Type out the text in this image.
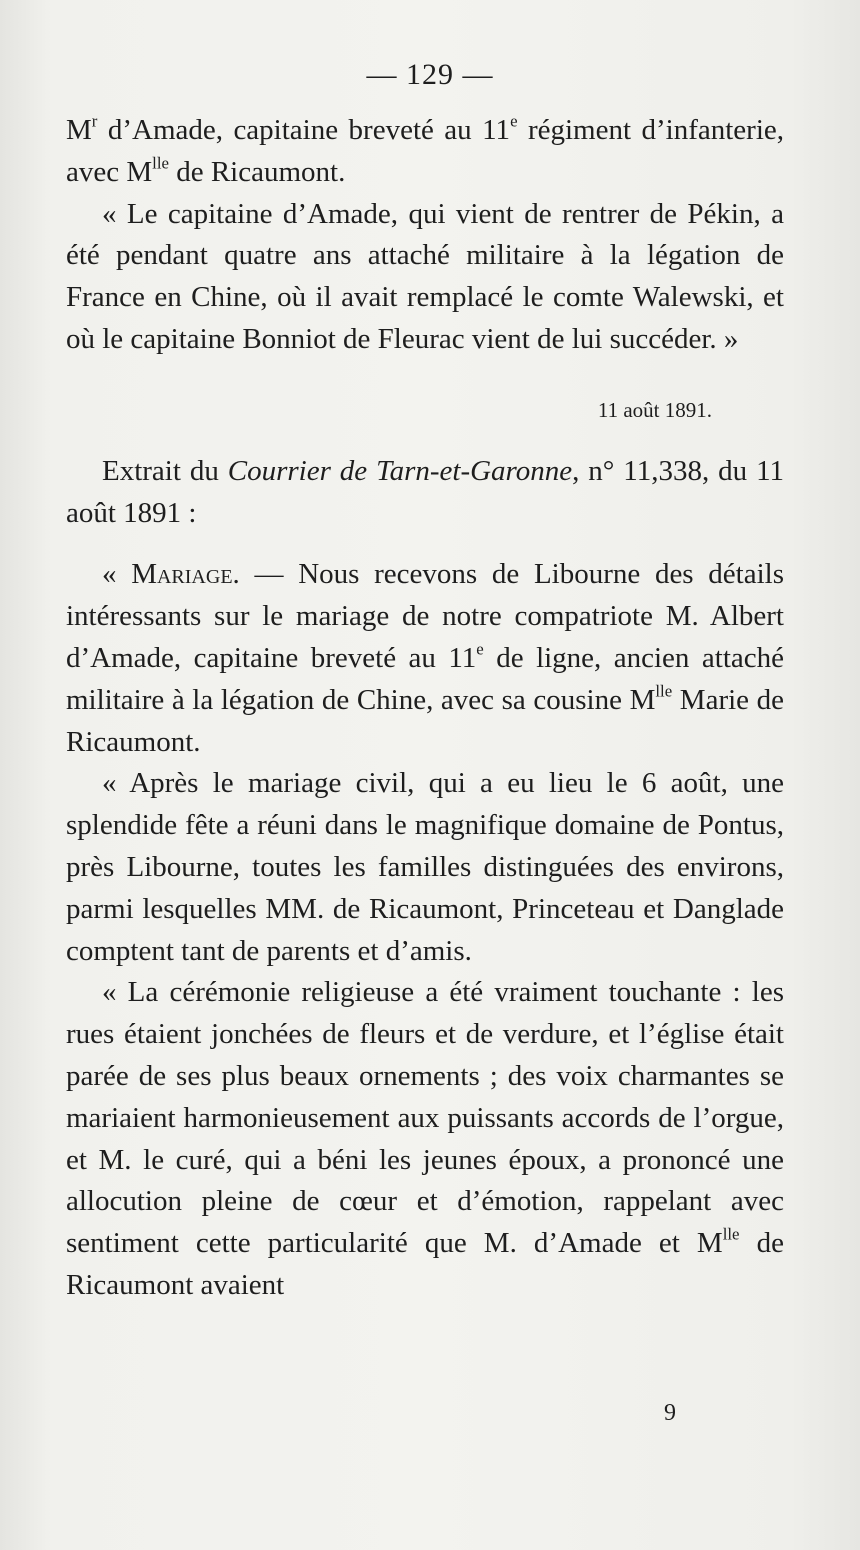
— 129 —

$M^r$ d’Amade, capitaine breveté au 11e régiment d’infanterie, avec $M^{lle}$ de Ricaumont.

« Le capitaine d’Amade, qui vient de rentrer de Pékin, a été pendant quatre ans attaché militaire à la légation de France en Chine, où il avait remplacé le comte Walewski, et où le capitaine Bonniot de Fleurac vient de lui succéder. »

11 août 1891.

Extrait du Courrier de Tarn-et-Garonne, n° 11,338, du 11 août 1891 :

« Mariage. — Nous recevons de Libourne des détails intéressants sur le mariage de notre compatriote M. Albert d’Amade, capitaine breveté au 11e de ligne, ancien attaché militaire à la légation de Chine, avec sa cousine $M^{lle}$ Marie de Ricaumont.

« Après le mariage civil, qui a eu lieu le 6 août, une splendide fête a réuni dans le magnifique domaine de Pontus, près Libourne, toutes les familles distinguées des environs, parmi lesquelles MM. de Ricaumont, Princeteau et Danglade comptent tant de parents et d’amis.

« La cérémonie religieuse a été vraiment touchante : les rues étaient jonchées de fleurs et de verdure, et l’église était parée de ses plus beaux ornements ; des voix charmantes se mariaient harmonieusement aux puissants accords de l’orgue, et M. le curé, qui a béni les jeunes époux, a prononcé une allocution pleine de cœur et d’émotion, rappelant avec sentiment cette particularité que M. d’Amade et $M^{lle}$ de Ricaumont avaient

9
